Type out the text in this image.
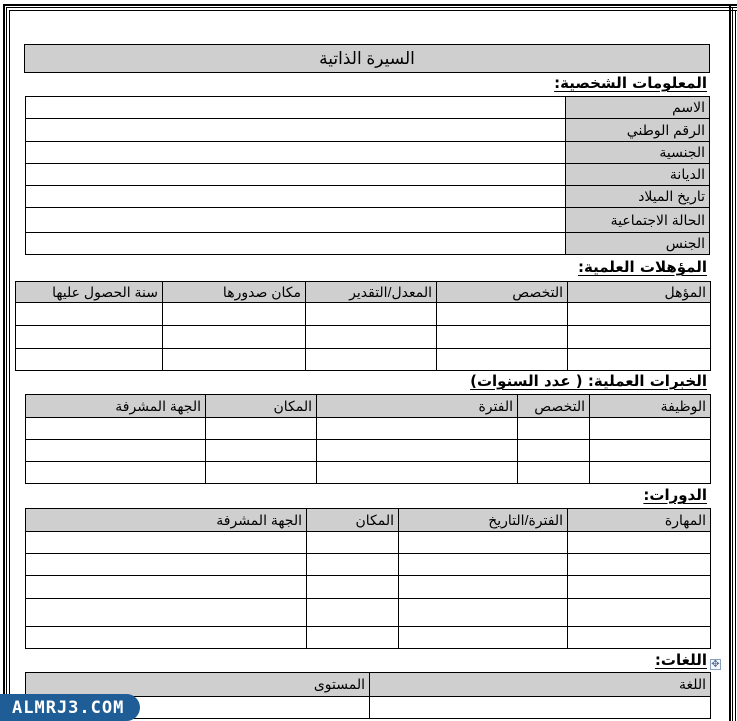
السيرة الذاتية
المعلومات الشخصية:
الاسم	
الرقم الوطني	
الجنسية	
الديانة	
تاريخ الميلاد	
الحالة الاجتماعية	
الجنس	
المؤهلات العلمية:
المؤهل	التخصص	المعدل/التقدير	مكان صدورها	سنة الحصول عليها

الخبرات العملية: ( عدد السنوات)
الوظيفة	التخصص	الفترة	المكان	الجهة المشرفة

الدورات:
المهارة	الفترة/التاريخ	المكان	الجهة المشرفة

اللغات: ✥
اللغة	المستوى

ALMRJ3.COM
